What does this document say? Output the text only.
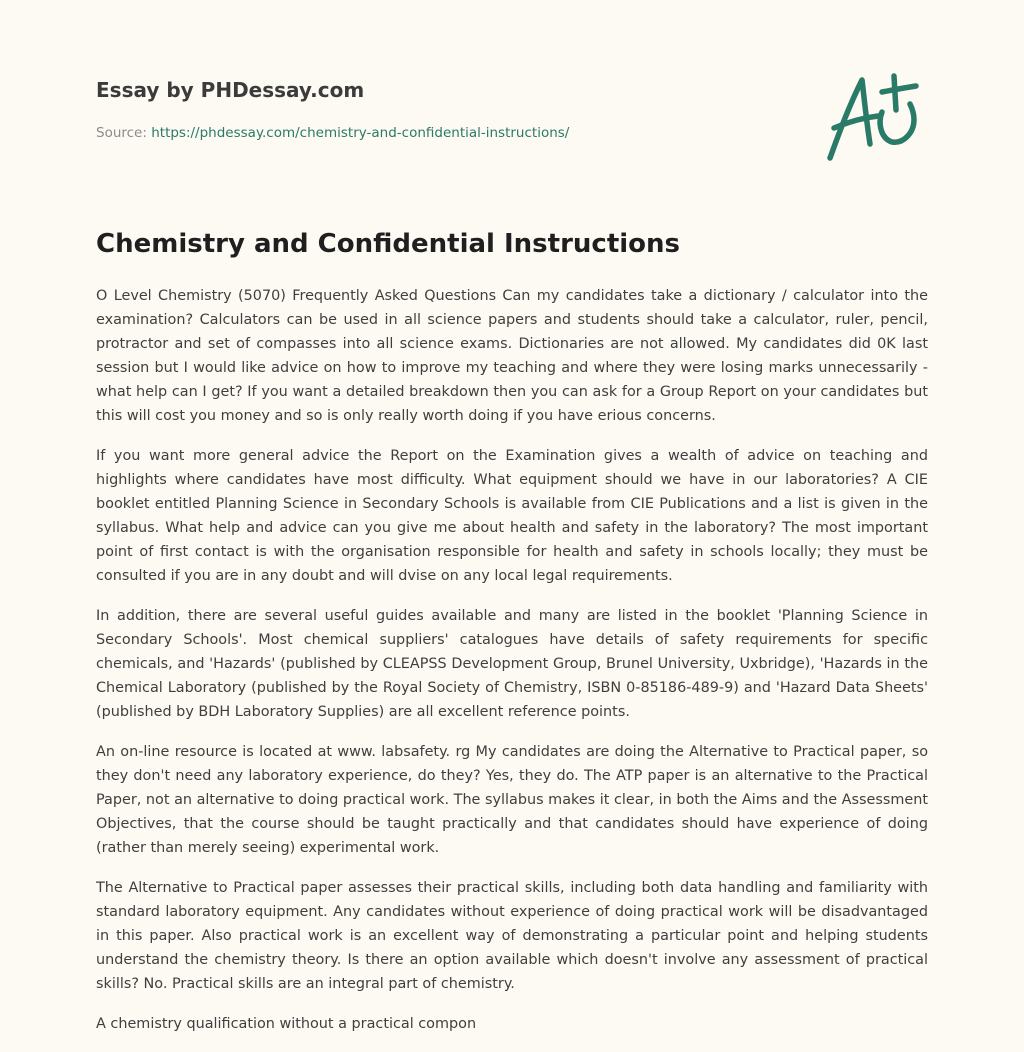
Essay by PHDessay.com
Source: https://phdessay.com/chemistry-and-confidential-instructions/
Chemistry and Confidential Instructions

O Level Chemistry (5070) Frequently Asked Questions Can my candidates take a dictionary / calculator into the examination? Calculators can be used in all science papers and students should take a calculator, ruler, pencil, protractor and set of compasses into all science exams. Dictionaries are not allowed. My candidates did 0K last session but I would like advice on how to improve my teaching and where they were losing marks unnecessarily - what help can I get? If you want a detailed breakdown then you can ask for a Group Report on your candidates but this will cost you money and so is only really worth doing if you have erious concerns.

If you want more general advice the Report on the Examination gives a wealth of advice on teaching and highlights where candidates have most difficulty. What equipment should we have in our laboratories? A CIE booklet entitled Planning Science in Secondary Schools is available from CIE Publications and a list is given in the syllabus. What help and advice can you give me about health and safety in the laboratory? The most important point of first contact is with the organisation responsible for health and safety in schools locally; they must be consulted if you are in any doubt and will dvise on any local legal requirements.

In addition, there are several useful guides available and many are listed in the booklet 'Planning Science in Secondary Schools'. Most chemical suppliers' catalogues have details of safety requirements for specific chemicals, and 'Hazards' (published by CLEAPSS Development Group, Brunel University, Uxbridge), 'Hazards in the Chemical Laboratory (published by the Royal Society of Chemistry, ISBN 0-85186-489-9) and 'Hazard Data Sheets' (published by BDH Laboratory Supplies) are all excellent reference points.

An on-line resource is located at www. labsafety. rg My candidates are doing the Alternative to Practical paper, so they don't need any laboratory experience, do they? Yes, they do. The ATP paper is an alternative to the Practical Paper, not an alternative to doing practical work. The syllabus makes it clear, in both the Aims and the Assessment Objectives, that the course should be taught practically and that candidates should have experience of doing (rather than merely seeing) experimental work.

The Alternative to Practical paper assesses their practical skills, including both data handling and familiarity with standard laboratory equipment. Any candidates without experience of doing practical work will be disadvantaged in this paper. Also practical work is an excellent way of demonstrating a particular point and helping students understand the chemistry theory. Is there an option available which doesn't involve any assessment of practical skills? No. Practical skills are an integral part of chemistry.

A chemistry qualification without a practical compon
